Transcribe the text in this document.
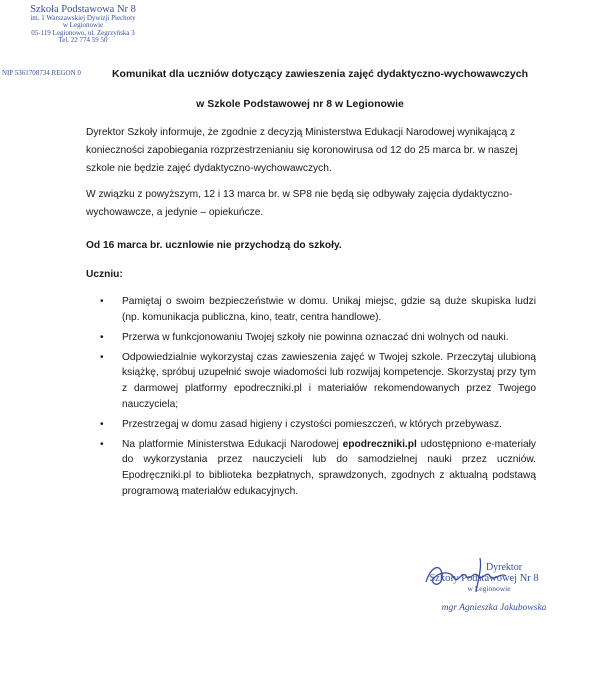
Szkoła Podstawowa Nr 8
im. 1 Warszawskiej Dywizji Piechoty
w Legionowie
05-119 Legionowo, ul. Zegrzyńska 3
Tel. 22 774 59 50
NIP 5361708734 REGON 0	Komunikat dla uczniów dotyczący zawieszenia zajęć dydaktyczno-wychowawczych
w Szkole Podstawowej nr 8 w Legionowie
Dyrektor Szkoły informuje, że zgodnie z decyzją Ministerstwa Edukacji Narodowej wynikającą z konieczności zapobiegania rozprzestrzenianiu się koronowirusa od 12 do 25 marca br. w naszej szkole nie będzie zajęć dydaktyczno-wychowawczych.
W związku z powyższym, 12 i 13 marca br. w SP8 nie będą się odbywały zajęcia dydaktyczno-wychowawcze, a jedynie – opiekuńcze.
Od 16 marca br. ucznlowie nie przychodzą do szkoły.
Uczniu:
• Pamiętaj o swoim bezpieczeństwie w domu. Unikaj miejsc, gdzie są duże skupiska ludzi (np. komunikacja publiczna, kino, teatr, centra handlowe).
• Przerwa w funkcjonowaniu Twojej szkoły nie powinna oznaczać dni wolnych od nauki.
• Odpowiedzialnie wykorzystaj czas zawieszenia zajęć w Twojej szkole. Przeczytaj ulubioną książkę, spróbuj uzupełnić swoje wiadomości lub rozwijaj kompetencje. Skorzystaj przy tym z darmowej platformy epodreczniki.pl i materiałów rekomendowanych przez Twojego nauczyciela;
• Przestrzegaj w domu zasad higieny i czystości pomieszczeń, w których przebywasz.
• Na platformie Ministerstwa Edukacji Narodowej epodreczniki.pl udostępniono e-materiały do wykorzystania przez nauczycieli lub do samodzielnej nauki przez uczniów. Epodręczniki.pl to biblioteka bezpłatnych, sprawdzonych, zgodnych z aktualną podstawą programową materiałów edukacyjnych.
Dyrektor
Szkoły Podstawowej Nr 8
w Legionowie
mgr Agnieszka Jakubowska
